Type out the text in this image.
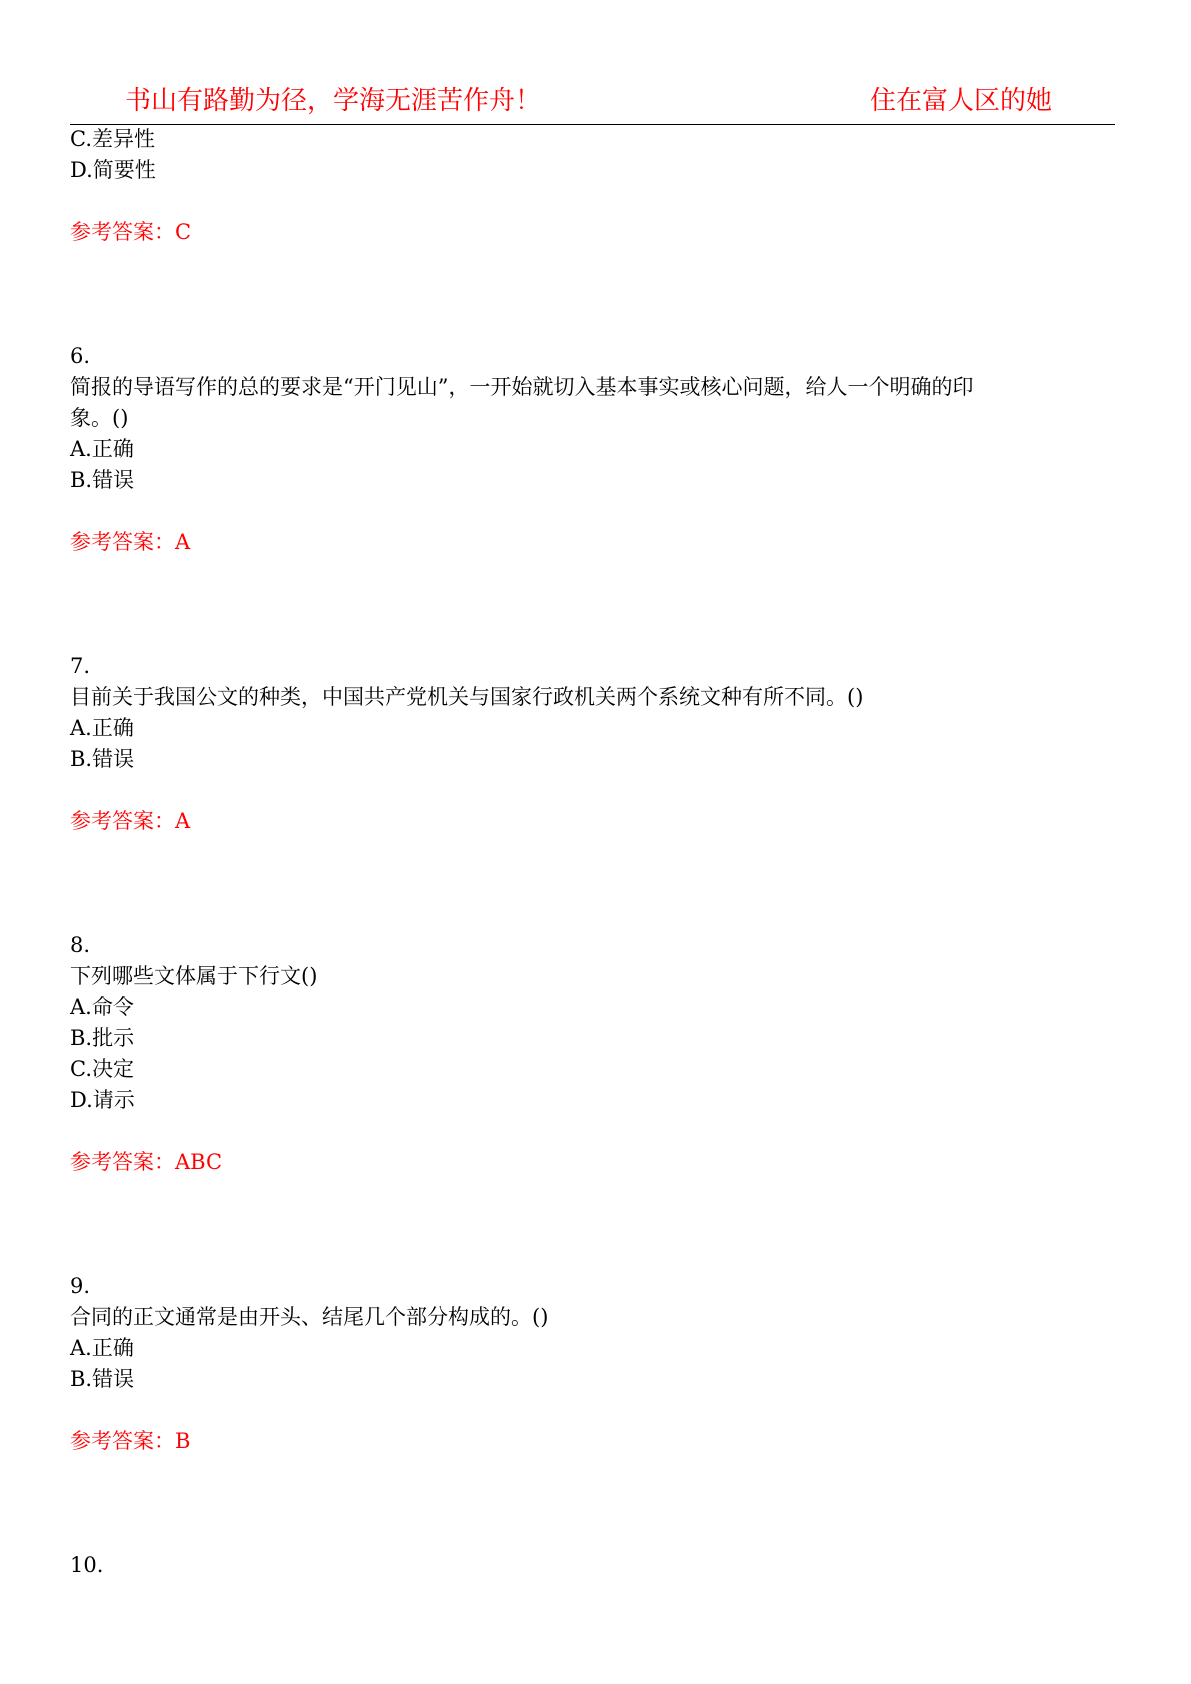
书山有路勤为径，学海无涯苦作舟！	住在富人区的她
C.差异性
D.简要性
参考答案：C
6.
简报的导语写作的总的要求是“开门见山”，一开始就切入基本事实或核心问题，给人一个明确的印
象。()
A.正确
B.错误
参考答案：A
7.
目前关于我国公文的种类，中国共产党机关与国家行政机关两个系统文种有所不同。()
A.正确
B.错误
参考答案：A
8.
下列哪些文体属于下行文()
A.命令
B.批示
C.决定
D.请示
参考答案：ABC
9.
合同的正文通常是由开头、结尾几个部分构成的。()
A.正确
B.错误
参考答案：B
10.
